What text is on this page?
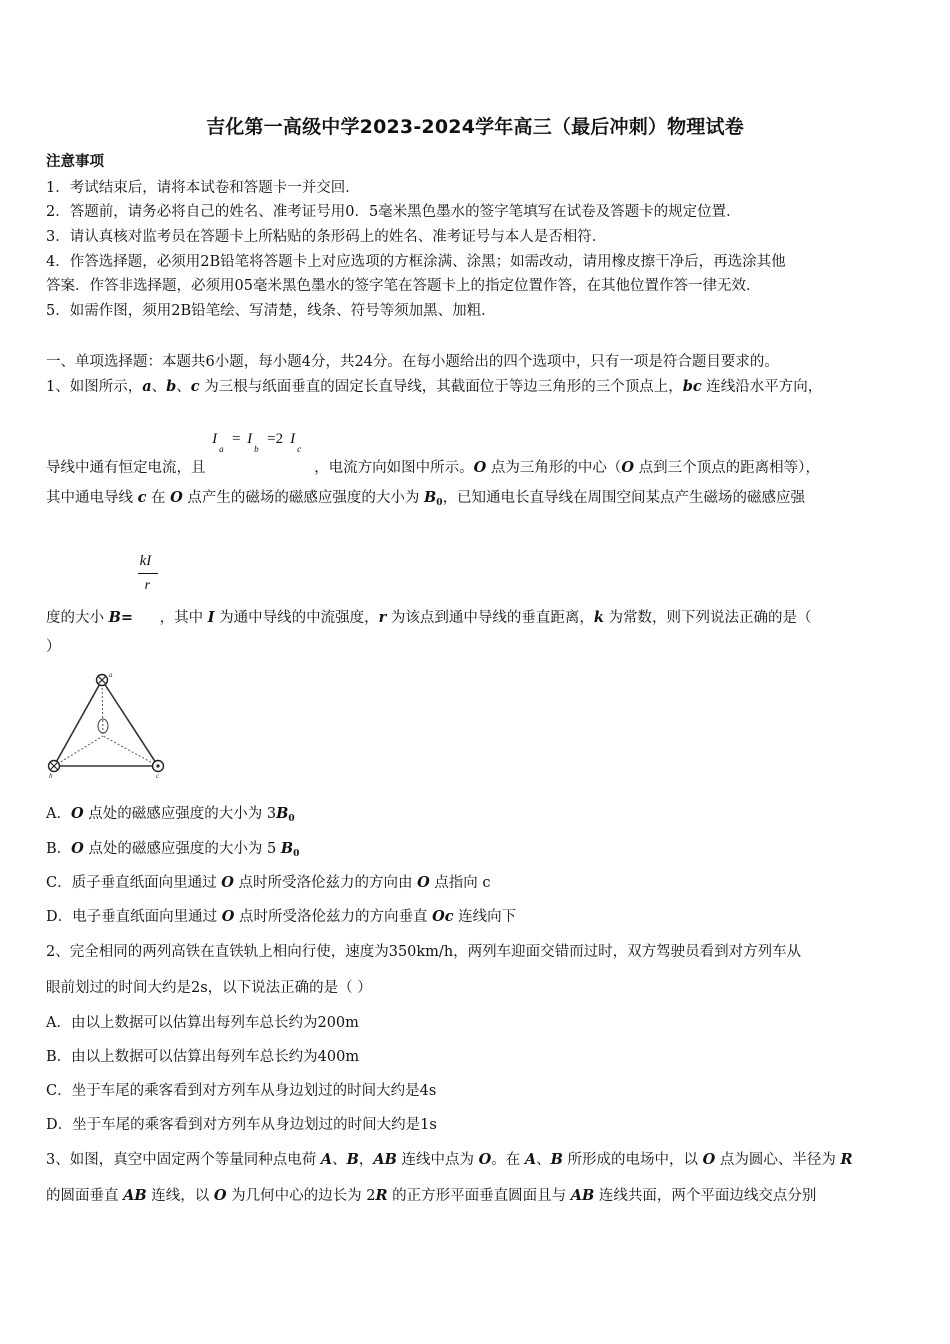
吉化第一高级中学2023-2024学年高三（最后冲刺）物理试卷
注意事项
1．考试结束后，请将本试卷和答题卡一并交回．
2．答题前，请务必将自己的姓名、准考证号用0．5毫米黑色墨水的签字笔填写在试卷及答题卡的规定位置．
3．请认真核对监考员在答题卡上所粘贴的条形码上的姓名、准考证号与本人是否相符．
4．作答选择题，必须用2B铅笔将答题卡上对应选项的方框涂满、涂黑；如需改动，请用橡皮擦干净后，再选涂其他
答案．作答非选择题，必须用05毫米黑色墨水的签字笔在答题卡上的指定位置作答，在其他位置作答一律无效．
5．如需作图，须用2B铅笔绘、写清楚，线条、符号等须加黑、加粗．
一、单项选择题：本题共6小题，每小题4分，共24分。在每小题给出的四个选项中，只有一项是符合题目要求的。
1、如图所示，a、b、c 为三根与纸面垂直的固定长直导线，其截面位于等边三角形的三个顶点上，bc 连线沿水平方向，
导线中通有恒定电流，且
I
a
= I
b
=2 I
c
，电流方向如图中所示。O 点为三角形的中心（O 点到三个顶点的距离相等），
其中通电导线 c 在 O 点产生的磁场的磁感应强度的大小为 $B_0$，已知通电长直导线在周围空间某点产生磁场的磁感应强
度的大小 B=
$\frac{kI}{r}$
，其中 I 为通中导线的中流强度，r 为该点到通中导线的垂直距离，k 为常数，则下列说法正确的是（
）
a
b	c
A．O 点处的磁感应强度的大小为 $3B_0$
B．O 点处的磁感应强度的大小为 5 $B_0$
C．质子垂直纸面向里通过 O 点时所受洛伦兹力的方向由 O 点指向 c
D．电子垂直纸面向里通过 O 点时所受洛伦兹力的方向垂直 Oc 连线向下
2、完全相同的两列高铁在直铁轨上相向行使，速度为350km/h，两列车迎面交错而过时，双方驾驶员看到对方列车从
眼前划过的时间大约是2s，以下说法正确的是（ ）
A．由以上数据可以估算出每列车总长约为200m
B．由以上数据可以估算出每列车总长约为400m
C．坐于车尾的乘客看到对方列车从身边划过的时间大约是4s
D．坐于车尾的乘客看到对方列车从身边划过的时间大约是1s
3、如图，真空中固定两个等量同种点电荷 A、B，AB 连线中点为 O。在 A、B 所形成的电场中，以 O 点为圆心、半径为 R
的圆面垂直 AB 连线，以 O 为几何中心的边长为 2R 的正方形平面垂直圆面且与 AB 连线共面，两个平面边线交点分别
